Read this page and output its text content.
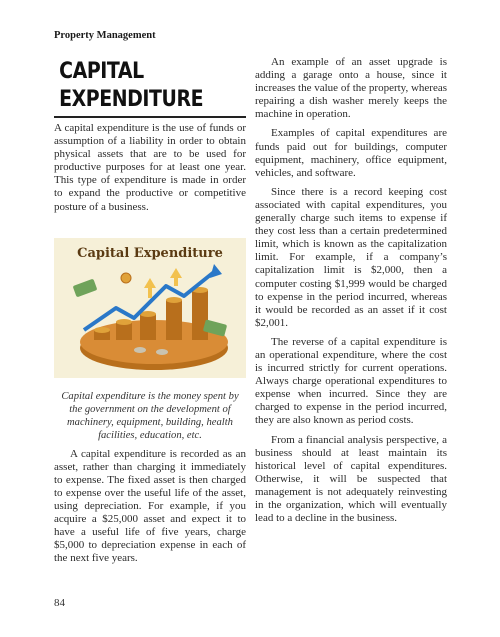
Property Management
CAPITAL
EXPENDITURE

A capital expenditure is the use of funds or assumption of a liability in order to obtain physical assets that are to be used for productive purposes for at least one year. This type of expenditure is made in order to expand the productive or competitive posture of a business.

Capital Expenditure

Capital expenditure is the money spent by the government on the development of machinery, equipment, building, health facilities, education, etc.

A capital expenditure is recorded as an asset, rather than charging it immediately to expense. The fixed asset is then charged to expense over the useful life of the asset, using depreciation. For example, if you acquire a $25,000 asset and expect it to have a useful life of five years, charge $5,000 to depreciation expense in each of the next five years.

An example of an asset upgrade is adding a garage onto a house, since it increases the value of the property, whereas repairing a dish washer merely keeps the machine in operation.

Examples of capital expenditures are funds paid out for buildings, computer equipment, machinery, office equipment, vehicles, and software.

Since there is a record keeping cost associated with capital expenditures, you generally charge such items to expense if they cost less than a certain predetermined limit, which is known as the capitalization limit. For example, if a company’s capitalization limit is $2,000, then a computer costing $1,999 would be charged to expense in the period incurred, whereas it would be recorded as an asset if it cost $2,001.

The reverse of a capital expenditure is an operational expenditure, where the cost is incurred strictly for current operations. Always charge operational expenditures to expense when incurred. Since they are charged to expense in the period incurred, they are also known as period costs.

From a financial analysis perspective, a business should at least maintain its historical level of capital expenditures. Otherwise, it will be suspected that management is not adequately reinvesting in the organization, which will eventually lead to a decline in the business.

84
